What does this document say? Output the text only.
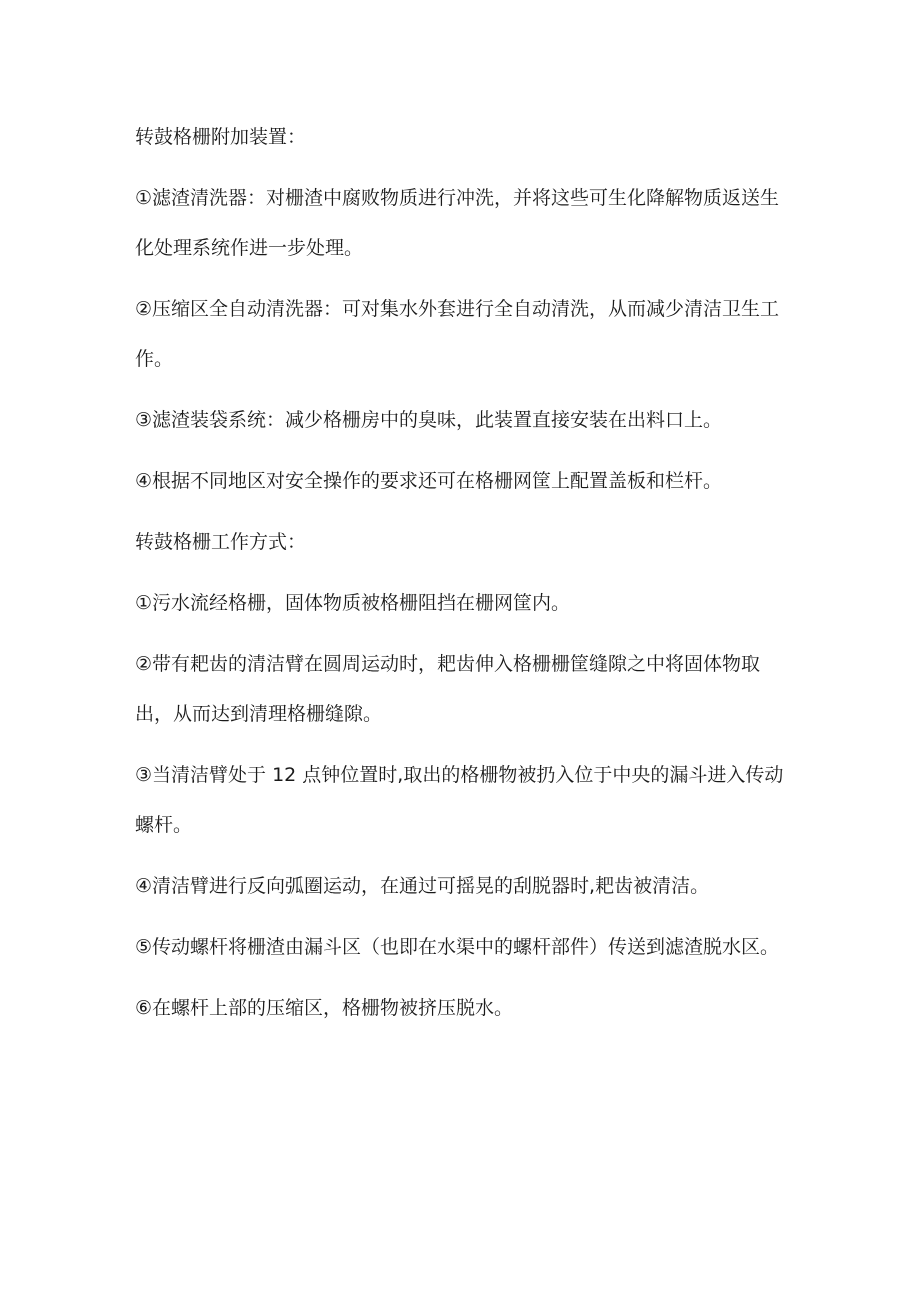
转鼓格栅附加装置：

①滤渣清洗器：对栅渣中腐败物质进行冲洗，并将这些可生化降解物质返送生化处理系统作进一步处理。

②压缩区全自动清洗器：可对集水外套进行全自动清洗，从而减少清洁卫生工作。

③滤渣装袋系统：减少格栅房中的臭味，此装置直接安装在出料口上。

④根据不同地区对安全操作的要求还可在格栅网筐上配置盖板和栏杆。

转鼓格栅工作方式：

①污水流经格栅，固体物质被格栅阻挡在栅网筐内。

②带有耙齿的清洁臂在圆周运动时，耙齿伸入格栅栅筐缝隙之中将固体物取出，从而达到清理格栅缝隙。

③当清洁臂处于 12 点钟位置时,取出的格栅物被扔入位于中央的漏斗进入传动螺杆。

④清洁臂进行反向弧圈运动，在通过可摇晃的刮脱器时,耙齿被清洁。

⑤传动螺杆将栅渣由漏斗区（也即在水渠中的螺杆部件）传送到滤渣脱水区。

⑥在螺杆上部的压缩区，格栅物被挤压脱水。
